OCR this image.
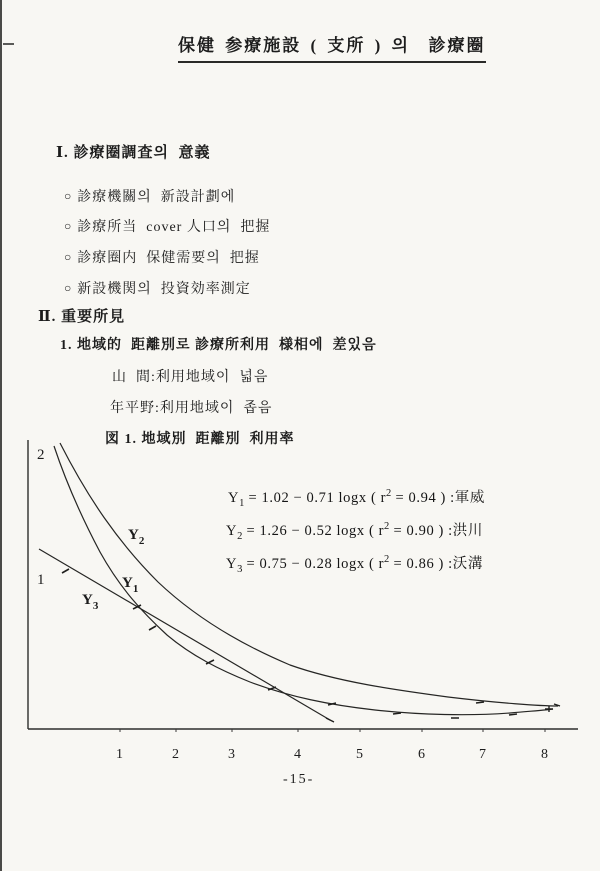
保健 参療施設 ( 支所 ) 의  診療圈
Ⅰ. 診療圈調査의  意義
○ 診療機關의  新設計劃에
○ 診療所当  cover 人口의  把握
○ 診療圈内  保健需要의  把握
○ 新設機関의  投資効率測定
Ⅱ. 重要所見
1. 地域的  距離別로 診療所利用  様相에  差있음
山  間:利用地域이  넓음
年平野:利用地域이  좁음
図 1. 地域別  距離別  利用率
$Y_1 = 1.02 - 0.71$ logx ( $r^2 = 0.94$ ) :軍威
$Y_2 = 1.26 - 0.52$ logx ( $r^2 = 0.90$ ) :洪川
$Y_3 = 0.75 - 0.28$ logx ( $r^2 = 0.86$ ) :沃溝
2
1
$Y_2$
$Y_1$
$Y_3$
1	2	3	4	5	6	7	8
-15-
